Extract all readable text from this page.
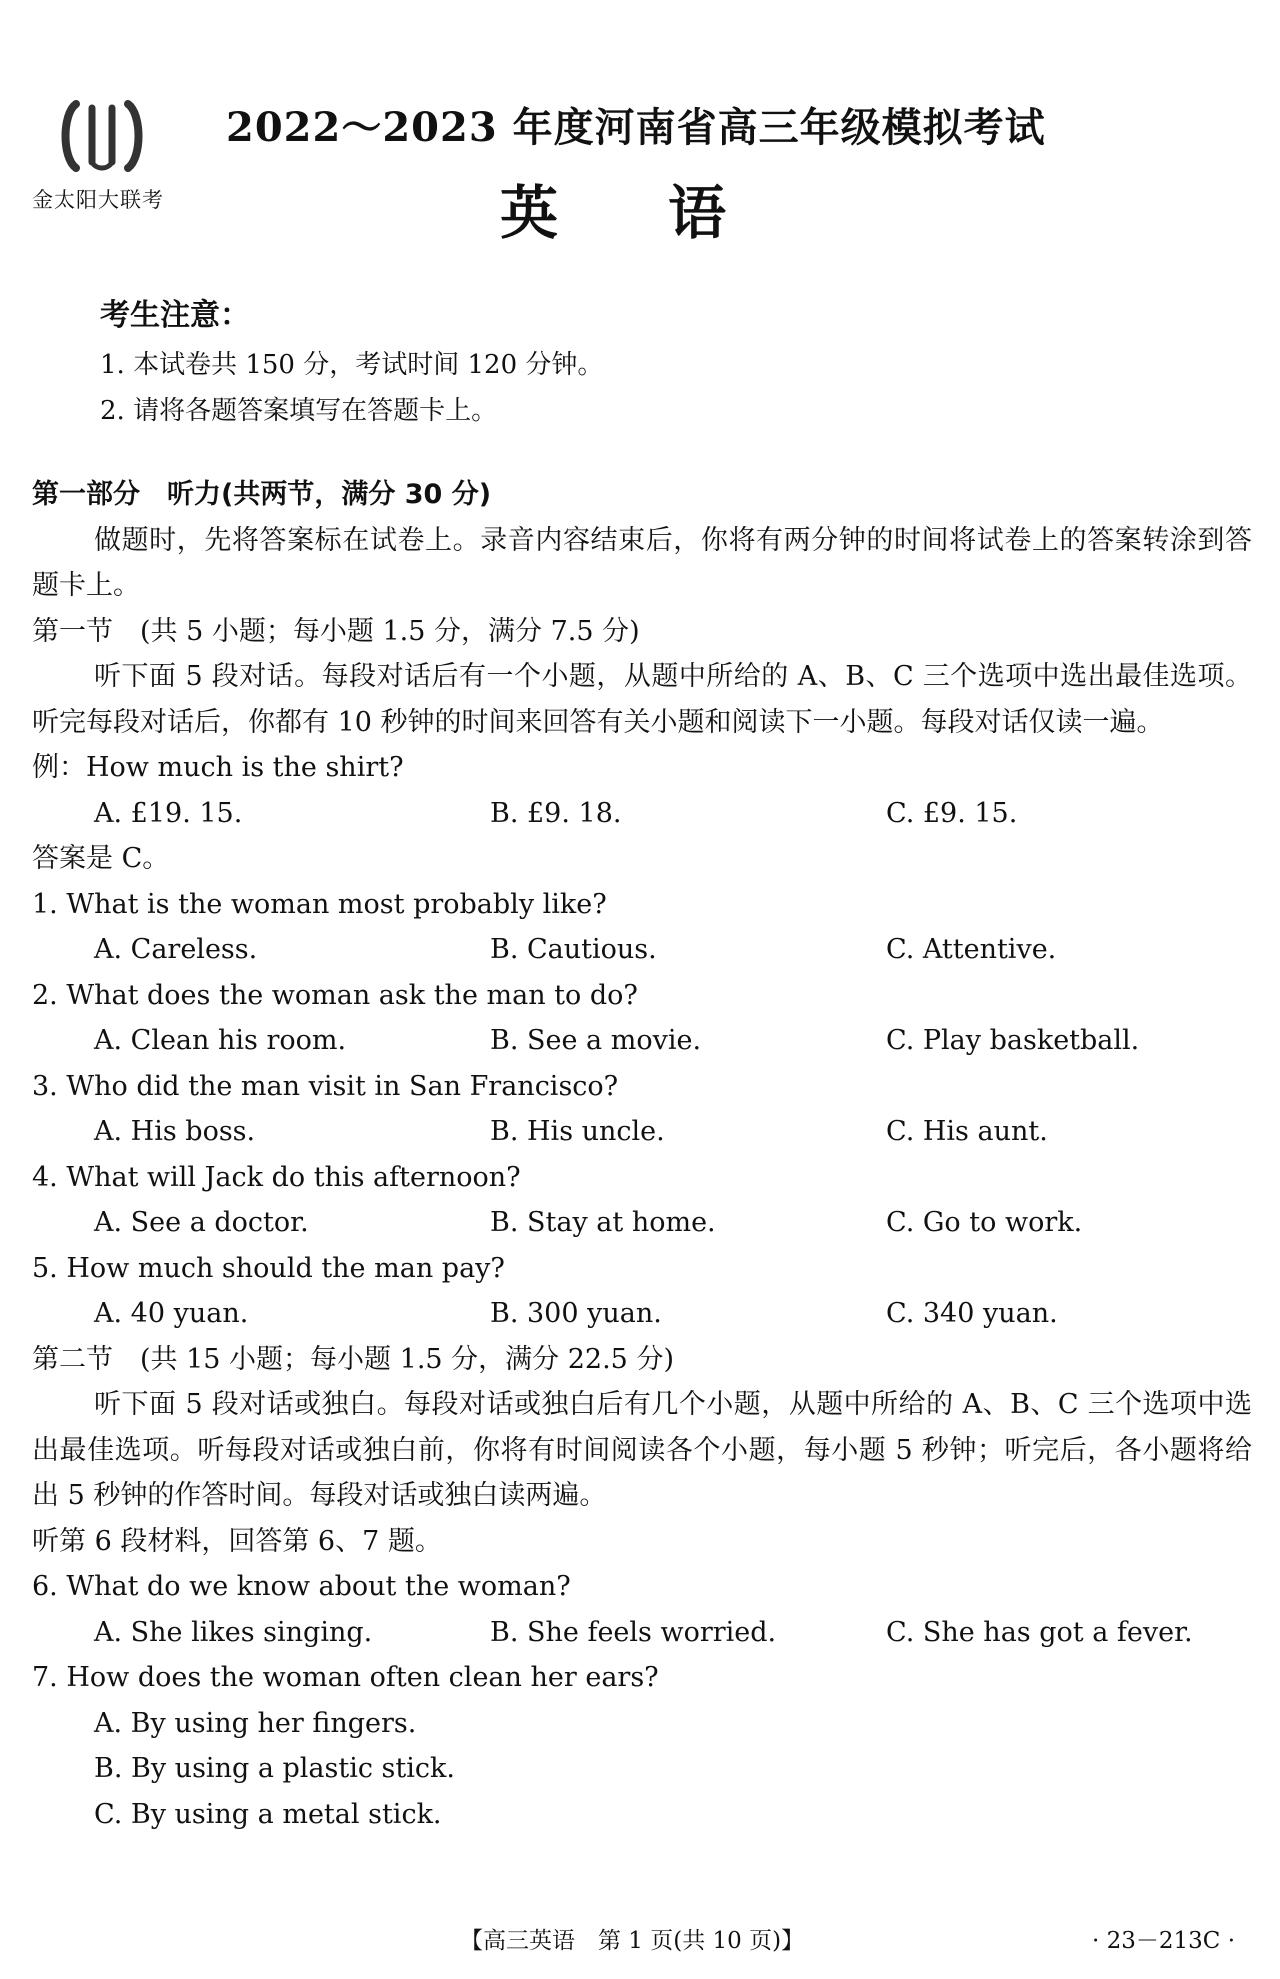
金太阳大联考
2022～2023 年度河南省高三年级模拟考试
英语
考生注意：
1. 本试卷共 150 分，考试时间 120 分钟。
2. 请将各题答案填写在答题卡上。
第一部分　听力(共两节，满分 30 分)
做题时，先将答案标在试卷上。录音内容结束后，你将有两分钟的时间将试卷上的答案转涂到答题卡上。
第一节　(共 5 小题；每小题 1.5 分，满分 7.5 分)
听下面 5 段对话。每段对话后有一个小题，从题中所给的 A、B、C 三个选项中选出最佳选项。听完每段对话后，你都有 10 秒钟的时间来回答有关小题和阅读下一小题。每段对话仅读一遍。
例：How much is the shirt?
A. £19. 15.	B. £9. 18.	C. £9. 15.
答案是 C。
1. What is the woman most probably like?
A. Careless.	B. Cautious.	C. Attentive.
2. What does the woman ask the man to do?
A. Clean his room.	B. See a movie.	C. Play basketball.
3. Who did the man visit in San Francisco?
A. His boss.	B. His uncle.	C. His aunt.
4. What will Jack do this afternoon?
A. See a doctor.	B. Stay at home.	C. Go to work.
5. How much should the man pay?
A. 40 yuan.	B. 300 yuan.	C. 340 yuan.
第二节　(共 15 小题；每小题 1.5 分，满分 22.5 分)
听下面 5 段对话或独白。每段对话或独白后有几个小题，从题中所给的 A、B、C 三个选项中选出最佳选项。听每段对话或独白前，你将有时间阅读各个小题，每小题 5 秒钟；听完后，各小题将给出 5 秒钟的作答时间。每段对话或独白读两遍。
听第 6 段材料，回答第 6、7 题。
6. What do we know about the woman?
A. She likes singing.	B. She feels worried.	C. She has got a fever.
7. How does the woman often clean her ears?
A. By using her fingers.
B. By using a plastic stick.
C. By using a metal stick.
【高三英语　第 1 页(共 10 页)】	· 23－213C ·
